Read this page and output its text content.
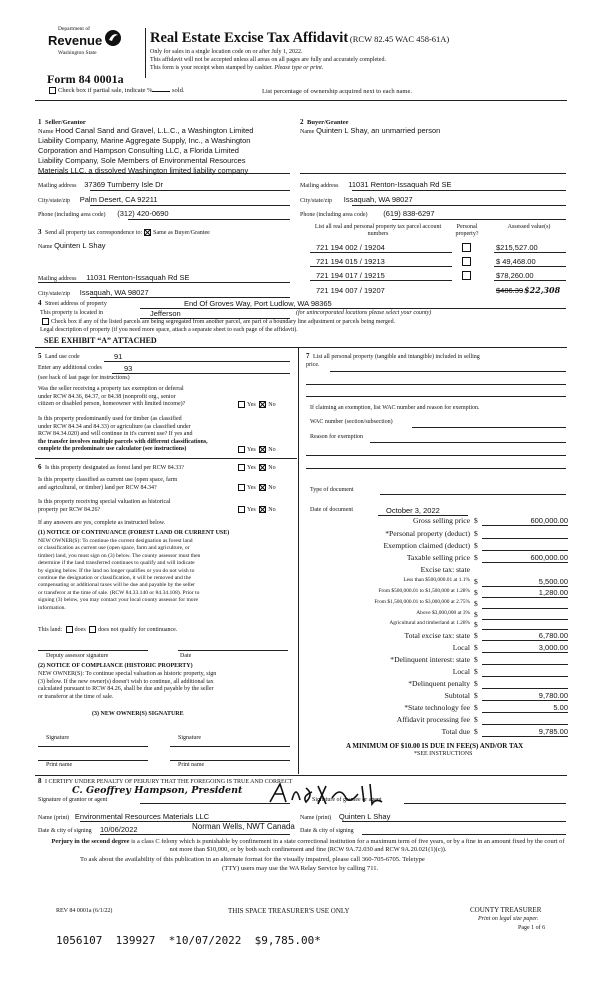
Department of
Revenue
Washington State
Form 84 0001a
Check box if partial sale, indicate %	sold.	List percentage of ownership acquired next to each name.
Real Estate Excise Tax Affidavit (RCW 82.45 WAC 458-61A)
Only for sales in a single location code on or after July 1, 2022.
This affidavit will not be accepted unless all areas on all pages are fully and accurately completed.
This form is your receipt when stamped by cashier. Please type or print.
1 Seller/Grantor
Name Hood Canal Sand and Gravel, L.L.C., a Washington Limited
Liability Company, Marine Aggregate Supply, Inc., a Washington
Corporation and Hampson Consulting LLC, a Florida Limited
Liability Company, Sole Members of Environmental Resources
Materials LLC, a dissolved Washington limited liability company
Mailing address 37369 Turnberry Isle Dr
City/state/zip Palm Desert, CA 92211
Phone (including area code) (312) 420-0690
2 Buyer/Grantee
Name Quinten L Shay, an unmarried person
Mailing address 11031 Renton-Issaquah Rd SE
City/state/zip Issaquah, WA 98027
Phone (including area code) (619) 838-6297
3 Send all property tax correspondence to: Same as Buyer/Grantee
Name Quinten L Shay
Mailing address 11031 Renton-Issaquah Rd SE
City/state/zip Issaquah, WA 98027
List all real and personal property tax parcel account numbers
Personal property?
Assessed value(s)
721 194 002 / 19204	$215,527.00
721 194 015 / 19213	$ 49,468.00
721 194 017 / 19215	$78,260.00
721 194 007 / 19207	$486.39 $22,308
4 Street address of property	End Of Groves Way, Port Ludlow, WA 98365
This property is located in	Jefferson	(for unincorporated locations please select your county)
Check box if any of the listed parcels are being segregated from another parcel, are part of a boundary line adjustment or parcels being merged.
Legal description of property (if you need more space, attach a separate sheet to each page of the affidavit).
SEE EXHIBIT “A” ATTACHED
5 Land use code	91
Enter any additional codes	93
(see back of last page for instructions)
Was the seller receiving a property tax exemption or deferral
under RCW 84.36, 84.37, or 84.38 (nonprofit org., senior
citizen or disabled person, homeowner with limited income)?	Yes No
Is this property predominantly used for timber (as classified
under RCW 84.34 and 84.33) or agriculture (as classified under
RCW 84.34.020) and will continue in it's current use? If yes and
the transfer involves multiple parcels with different classifications,
complete the predominate use calculator (see instructions)	Yes No
6 Is this property designated as forest land per RCW 84.33?	Yes No
Is this property classified as current use (open space, farm
and agricultural, or timber) land per RCW 84.34?	Yes No
Is this property receiving special valuation as historical
property per RCW 84.26?	Yes No
If any answers are yes, complete as instructed below.
(1) NOTICE OF CONTINUANCE (FOREST LAND OR CURRENT USE)
NEW OWNER(S): To continue the current designation as forest land
or classification as current use (open space, farm and agriculture, or
timber) land, you must sign on (3) below. The county assessor must then
determine if the land transferred continues to qualify and will indicate
by signing below. If the land no longer qualifies or you do not wish to
continue the designation or classification, it will be removed and the
compensating or additional taxes will be due and payable by the seller
or transferor at the time of sale. (RCW 84.33.140 or 84.34.108). Prior to
signing (3) below, you may contact your local county assessor for more
information.
This land: does does not qualify for continuance.
Deputy assessor signature	Date
(2) NOTICE OF COMPLIANCE (HISTORIC PROPERTY)
NEW OWNER(S): To continue special valuation as historic property, sign
(3) below. If the new owner(s) doesn't wish to continue, all additional tax
calculated pursuant to RCW 84.26, shall be due and payable by the seller
or transferor at the time of sale.
(3) NEW OWNER(S) SIGNATURE
Signature	Signature
Print name	Print name
7 List all personal property (tangible and intangible) included in selling
price.
If claiming an exemption, list WAC number and reason for exemption.
WAC number (section/subsection)
Reason for exemption
Type of document
Date of document	October 3, 2022
Gross selling price $	600,000.00
*Personal property (deduct) $
Exemption claimed (deduct) $
Taxable selling price $	600,000.00
Excise tax: state
Less than $500,000.01 at 1.1% $	5,500.00
From $500,000.01 to $1,500,000 at 1.28% $	1,280.00
From $1,500,000.01 to $3,000,000 at 2.75% $
Above $3,000,000 at 3% $
Agricultural and timberland at 1.28% $
Total excise tax: state $	6,780.00
Local $	3,000.00
*Delinquent interest: state $
Local $
*Delinquent penalty $
Subtotal $	9,780.00
*State technology fee $	5.00
Affidavit processing fee $
Total due $	9,785.00
A MINIMUM OF $10.00 IS DUE IN FEE(S) AND/OR TAX
*SEE INSTRUCTIONS
8 I CERTIFY UNDER PENALTY OF PERJURY THAT THE FOREGOING IS TRUE AND CORRECT
C. Geoffrey Hampson, President
Signature of grantor or agent	Signature of grantee or agent
Name (print) Environmental Resources Materials LLC	Name (print) Quinten L Shay
Date & city of signing 10/06/2022	Norman Wells, NWT Canada Date & city of signing
Perjury in the second degree is a class C felony which is punishable by confinement in a state correctional institution for a maximum term of five years, or by a fine in an amount fixed by the court of not more than $10,000, or by both such confinement and fine (RCW 9A.72.030 and RCW 9A.20.021(1)(c)).
To ask about the availability of this publication in an alternate format for the visually impaired, please call 360-705-6705. Teletype
(TTY) users may use the WA Relay Service by calling 711.
REV 84 0001a (6/1/22)	THIS SPACE TREASURER'S USE ONLY	COUNTY TREASURER
Print on legal size paper.
Page 1 of 6
1056107  139927  *10/07/2022  $9,785.00*
